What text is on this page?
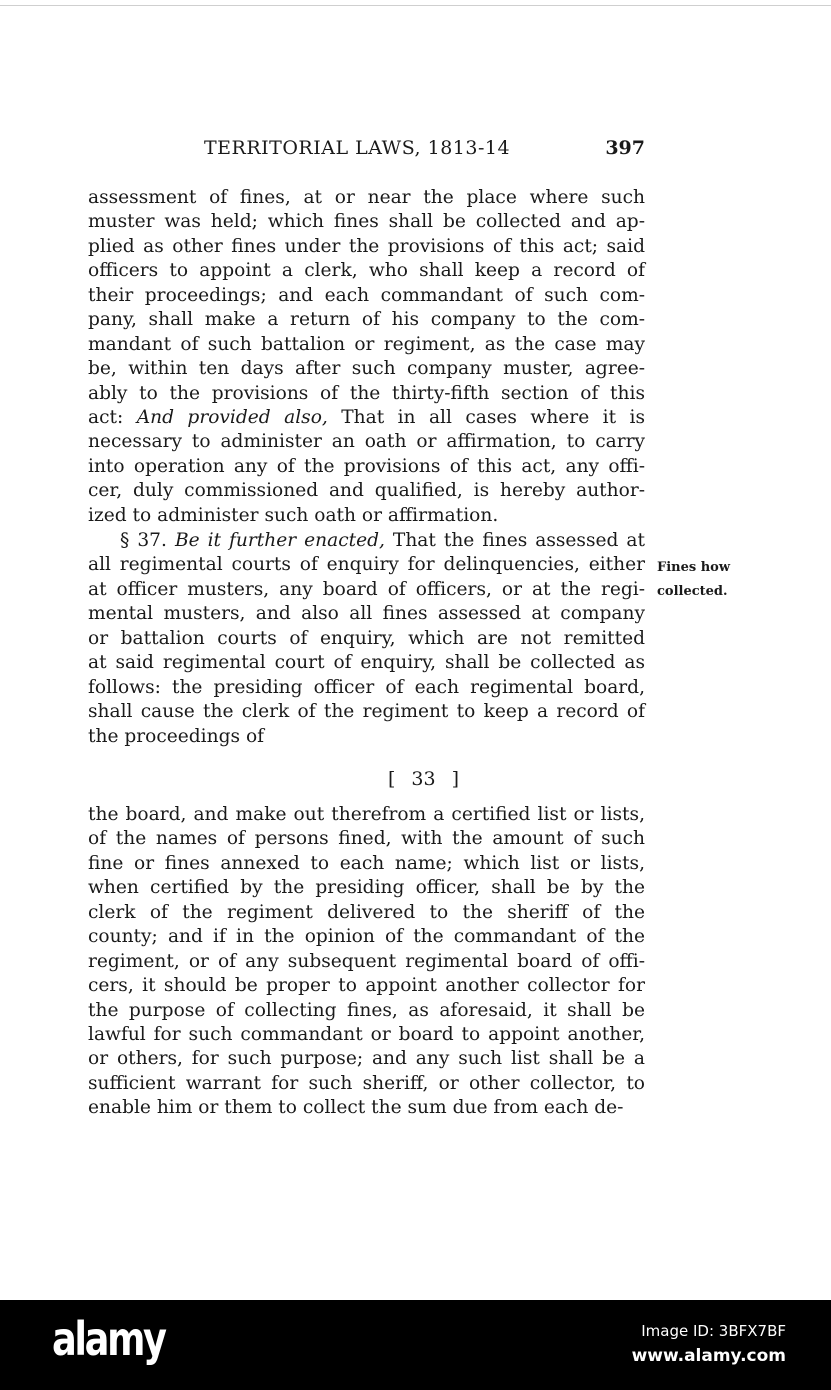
TERRITORIAL LAWS, 1813-14	397
assessment of fines, at or near the place where such
muster was held; which fines shall be collected and ap-
plied as other fines under the provisions of this act; said
officers to appoint a clerk, who shall keep a record of
their proceedings; and each commandant of such com-
pany, shall make a return of his company to the com-
mandant of such battalion or regiment, as the case may
be, within ten days after such company muster, agree-
ably to the provisions of the thirty-fifth section of this
act: And provided also, That in all cases where it is
necessary to administer an oath or affirmation, to carry
into operation any of the provisions of this act, any offi-
cer, duly commissioned and qualified, is hereby author-
ized to administer such oath or affirmation.
§ 37. Be it further enacted, That the fines assessed at
all regimental courts of enquiry for delinquencies, either
at officer musters, any board of officers, or at the regi-
mental musters, and also all fines assessed at company
or battalion courts of enquiry, which are not remitted
at said regimental court of enquiry, shall be collected as
follows: the presiding officer of each regimental board,
shall cause the clerk of the regiment to keep a record of
the proceedings of
Fines how
collected.
[ 33 ]
the board, and make out therefrom a certified list or lists,
of the names of persons fined, with the amount of such
fine or fines annexed to each name; which list or lists,
when certified by the presiding officer, shall be by the
clerk of the regiment delivered to the sheriff of the
county; and if in the opinion of the commandant of the
regiment, or of any subsequent regimental board of offi-
cers, it should be proper to appoint another collector for
the purpose of collecting fines, as aforesaid, it shall be
lawful for such commandant or board to appoint another,
or others, for such purpose; and any such list shall be a
sufficient warrant for such sheriff, or other collector, to
enable him or them to collect the sum due from each de-
alamy	Image ID: 3BFX7BF
www.alamy.com
